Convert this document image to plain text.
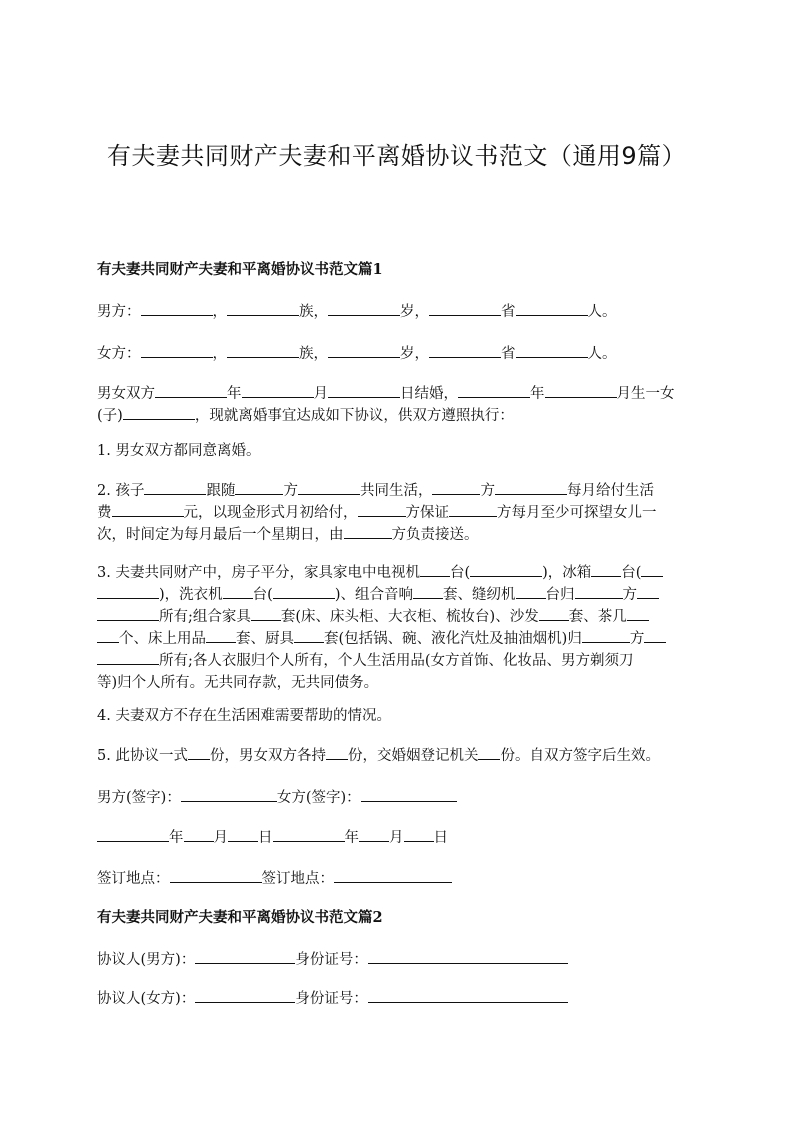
有夫妻共同财产夫妻和平离婚协议书范文（通用9篇）
有夫妻共同财产夫妻和平离婚协议书范文篇1
男方：	，	族，	岁，	省	人。
女方：	，	族，	岁，	省	人。
男女双方	年	月	日结婚，	年	月生一女
(子)	，现就离婚事宜达成如下协议，供双方遵照执行：
1. 男女双方都同意离婚。
2. 孩子	跟随	方	共同生活，	方	每月给付生活
费	元，以现金形式月初给付，	方保证	方每月至少可探望女儿一
次，时间定为每月最后一个星期日，由	方负责接送。
3. 夫妻共同财产中，房子平分，家具家电中电视机 台(	)，冰箱 台(
)，洗衣机 台(	)、组合音响 套、缝纫机 台归	方
所有;组合家具 套(床、床头柜、大衣柜、梳妆台)、沙发 套、茶几
个、床上用品 套、厨具 套(包括锅、碗、液化汽灶及抽油烟机)归	方
所有;各人衣服归个人所有，个人生活用品(女方首饰、化妆品、男方剃须刀
等)归个人所有。无共同存款，无共同债务。
4. 夫妻双方不存在生活困难需要帮助的情况。
5. 此协议一式 份，男女双方各持 份，交婚姻登记机关 份。自双方签字后生效。
男方(签字)：	女方(签字)：
年 月 日	年 月 日
签订地点：	签订地点：
有夫妻共同财产夫妻和平离婚协议书范文篇2
协议人(男方)：	身份证号：
协议人(女方)：	身份证号：
